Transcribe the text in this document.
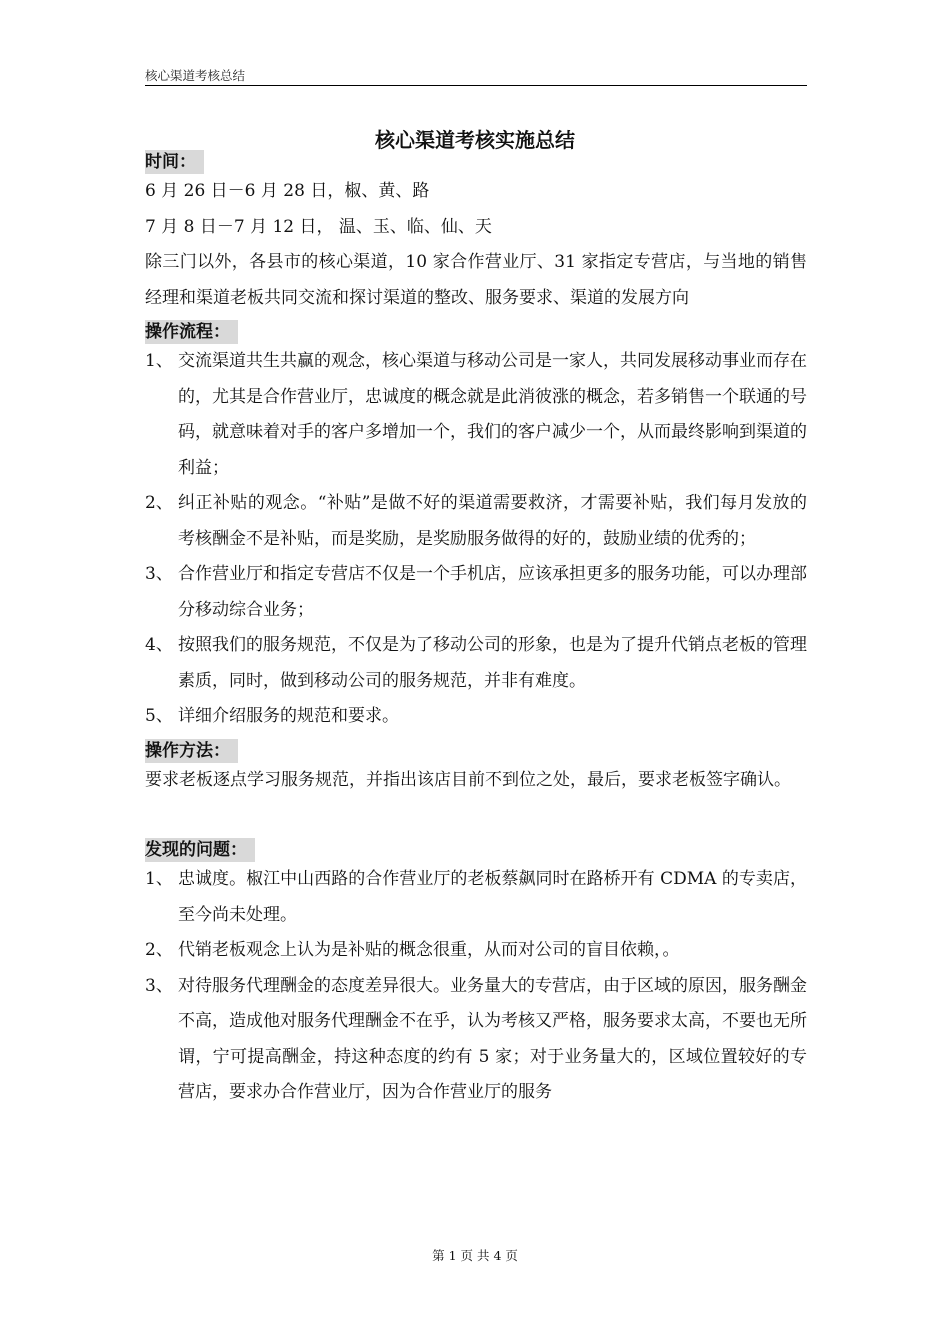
核心渠道考核总结
核心渠道考核实施总结
时间：

6 月 26 日－6 月 28 日，椒、黄、路

7 月 8 日－7 月 12 日， 温、玉、临、仙、天

除三门以外，各县市的核心渠道，10 家合作营业厅、31 家指定专营店，与当地的销售经理和渠道老板共同交流和探讨渠道的整改、服务要求、渠道的发展方向

操作流程：
1、 交流渠道共生共赢的观念，核心渠道与移动公司是一家人，共同发展移动事业而存在的，尤其是合作营业厅，忠诚度的概念就是此消彼涨的概念，若多销售一个联通的号码，就意味着对手的客户多增加一个，我们的客户减少一个，从而最终影响到渠道的利益；
2、 纠正补贴的观念。“补贴”是做不好的渠道需要救济，才需要补贴，我们每月发放的考核酬金不是补贴，而是奖励，是奖励服务做得的好的，鼓励业绩的优秀的；
3、 合作营业厅和指定专营店不仅是一个手机店，应该承担更多的服务功能，可以办理部分移动综合业务；
4、 按照我们的服务规范，不仅是为了移动公司的形象，也是为了提升代销点老板的管理素质，同时，做到移动公司的服务规范，并非有难度。
5、 详细介绍服务的规范和要求。
操作方法：

要求老板逐点学习服务规范，并指出该店目前不到位之处，最后，要求老板签字确认。

发现的问题：
1、 忠诚度。椒江中山西路的合作营业厅的老板蔡飙同时在路桥开有 CDMA 的专卖店，至今尚未处理。
2、 代销老板观念上认为是补贴的概念很重，从而对公司的盲目依赖，。
3、 对待服务代理酬金的态度差异很大。业务量大的专营店，由于区域的原因，服务酬金不高，造成他对服务代理酬金不在乎，认为考核又严格，服务要求太高，不要也无所谓，宁可提高酬金，持这种态度的约有 5 家；对于业务量大的，区域位置较好的专营店，要求办合作营业厅，因为合作营业厅的服务
第 1 页 共 4 页
